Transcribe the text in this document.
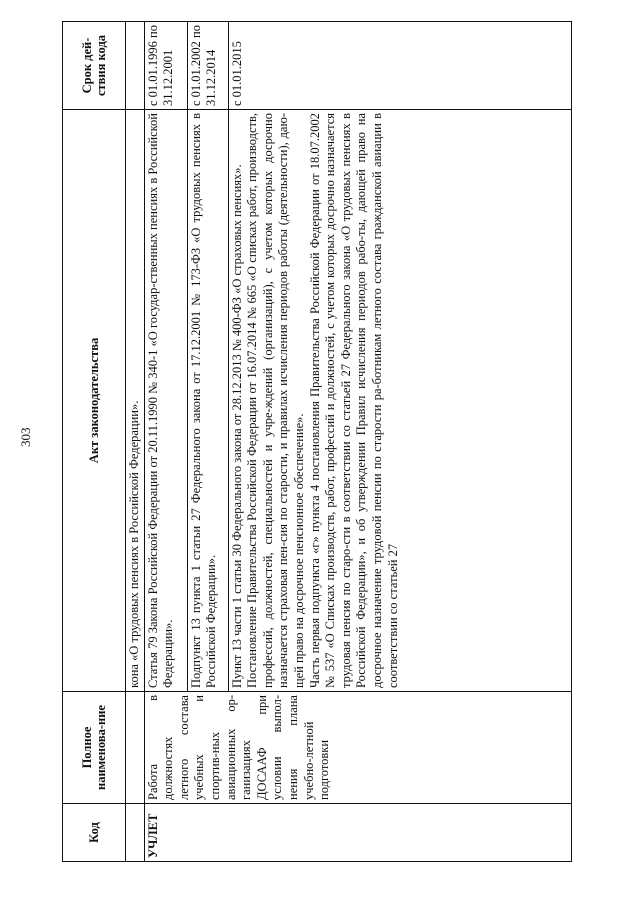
303
Код	Полное наименова-ние	Акт законодательства	Срок дей-ствия кода
		кона «О трудовых пенсиях в Российской Федерации».	
УЧЛЕТ	Работа в должностях летного состава учебных и спортив-ных авиационных ор-ганизациях ДОСААФ при условии выпол-нения плана учебно-летной подготовки	Статья 79 Закона Российской Федерации от 20.11.1990 № 340-1 «О государ-ственных пенсиях в Российской Федерации».	с 01.01.1996 по 31.12.2001
		Подпункт 13 пункта 1 статьи 27 Федерального закона от 17.12.2001 № 173-ФЗ «О трудовых пенсиях в Российской Федерации».	с 01.01.2002 по 31.12.2014

		Пункт 13 части 1 статьи 30 Федерального закона от 28.12.2013 № 400-ФЗ «О страховых пенсиях». Постановление Правительства Российской Федерации от 16.07.2014 № 665 «О списках работ, производств, профессий, должностей, специальностей и учре-ждений (организаций), с учетом которых досрочно назначается страховая пен-сия по старости, и правилах исчисления периодов работы (деятельности), даю-щей право на досрочное пенсионное обеспечение». Часть первая подпункта «г» пункта 4 постановления Правительства Российской Федерации от 18.07.2002 № 537 «О Списках производств, работ, профессий и должностей, с учетом которых досрочно назначается трудовая пенсия по старо-сти в соответствии со статьей 27 Федерального закона «О трудовых пенсиях в Российской Федерации», и об утверждении Правил исчисления периодов рабо-ты, дающей право на досрочное назначение трудовой пенсии по старости ра-ботникам летного состава гражданской авиации в соответствии со статьей 27	с 01.01.2015
